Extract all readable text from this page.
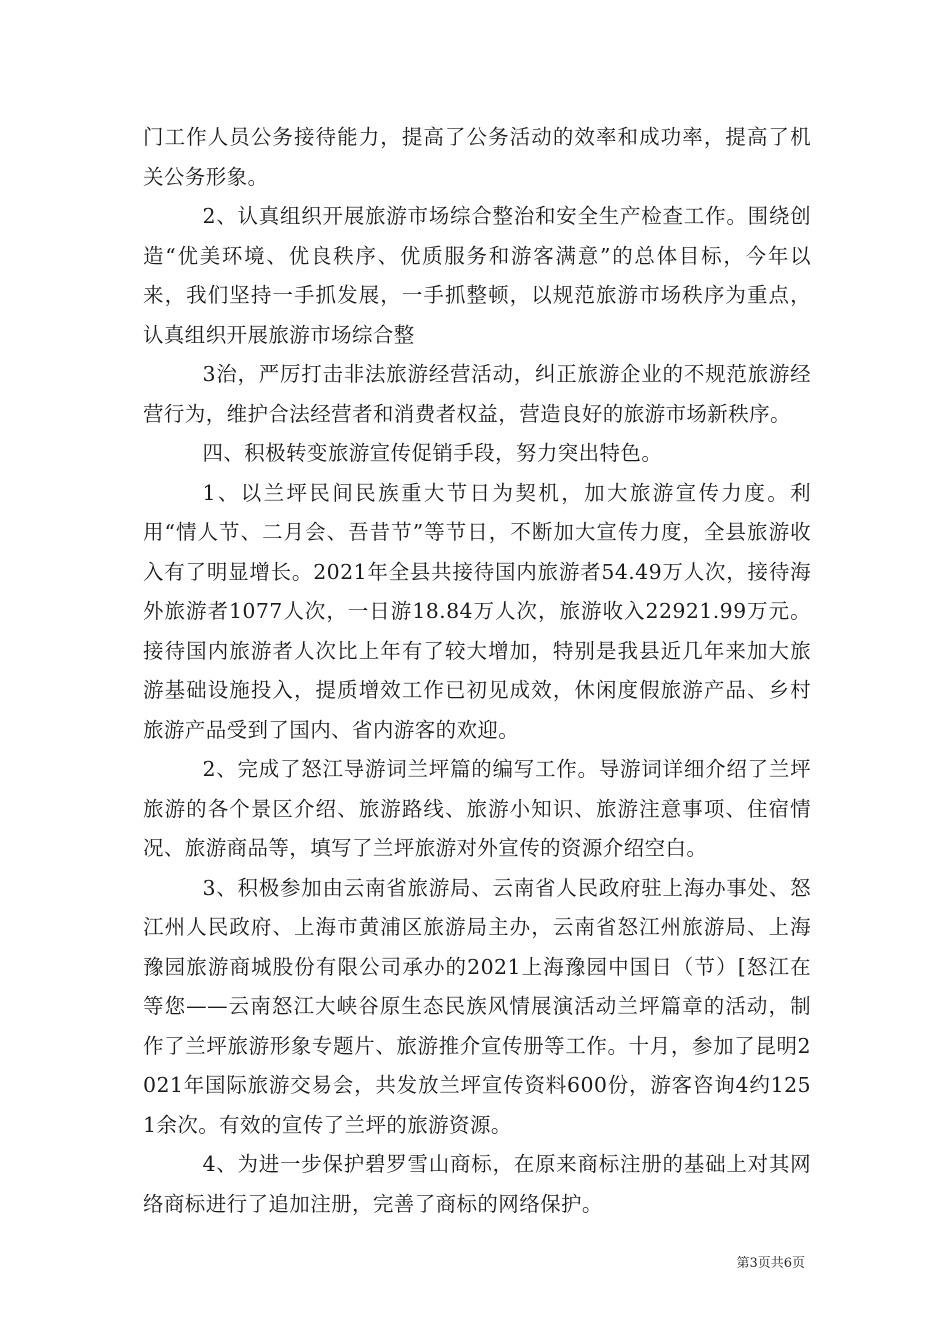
门工作人员公务接待能力，提高了公务活动的效率和成功率，提高了机关公务形象。

2、认真组织开展旅游市场综合整治和安全生产检查工作。围绕创造“优美环境、优良秩序、优质服务和游客满意”的总体目标，今年以来，我们坚持一手抓发展，一手抓整顿，以规范旅游市场秩序为重点，认真组织开展旅游市场综合整

3治，严厉打击非法旅游经营活动，纠正旅游企业的不规范旅游经营行为，维护合法经营者和消费者权益，营造良好的旅游市场新秩序。

四、积极转变旅游宣传促销手段，努力突出特色。

1、以兰坪民间民族重大节日为契机，加大旅游宣传力度。利用“情人节、二月会、吾昔节”等节日，不断加大宣传力度，全县旅游收入有了明显增长。2021年全县共接待国内旅游者54.49万人次，接待海外旅游者1077人次，一日游18.84万人次，旅游收入22921.99万元。接待国内旅游者人次比上年有了较大增加，特别是我县近几年来加大旅游基础设施投入，提质增效工作已初见成效，休闲度假旅游产品、乡村旅游产品受到了国内、省内游客的欢迎。

2、完成了怒江导游词兰坪篇的编写工作。导游词详细介绍了兰坪旅游的各个景区介绍、旅游路线、旅游小知识、旅游注意事项、住宿情况、旅游商品等，填写了兰坪旅游对外宣传的资源介绍空白。

3、积极参加由云南省旅游局、云南省人民政府驻上海办事处、怒江州人民政府、上海市黄浦区旅游局主办，云南省怒江州旅游局、上海豫园旅游商城股份有限公司承办的2021上海豫园中国日（节）[怒江在等您——云南怒江大峡谷原生态民族风情展演活动兰坪篇章的活动，制作了兰坪旅游形象专题片、旅游推介宣传册等工作。十月，参加了昆明2021年国际旅游交易会，共发放兰坪宣传资料600份，游客咨询4约1251余次。有效的宣传了兰坪的旅游资源。

4、为进一步保护碧罗雪山商标，在原来商标注册的基础上对其网络商标进行了追加注册，完善了商标的网络保护。

第3页共6页
